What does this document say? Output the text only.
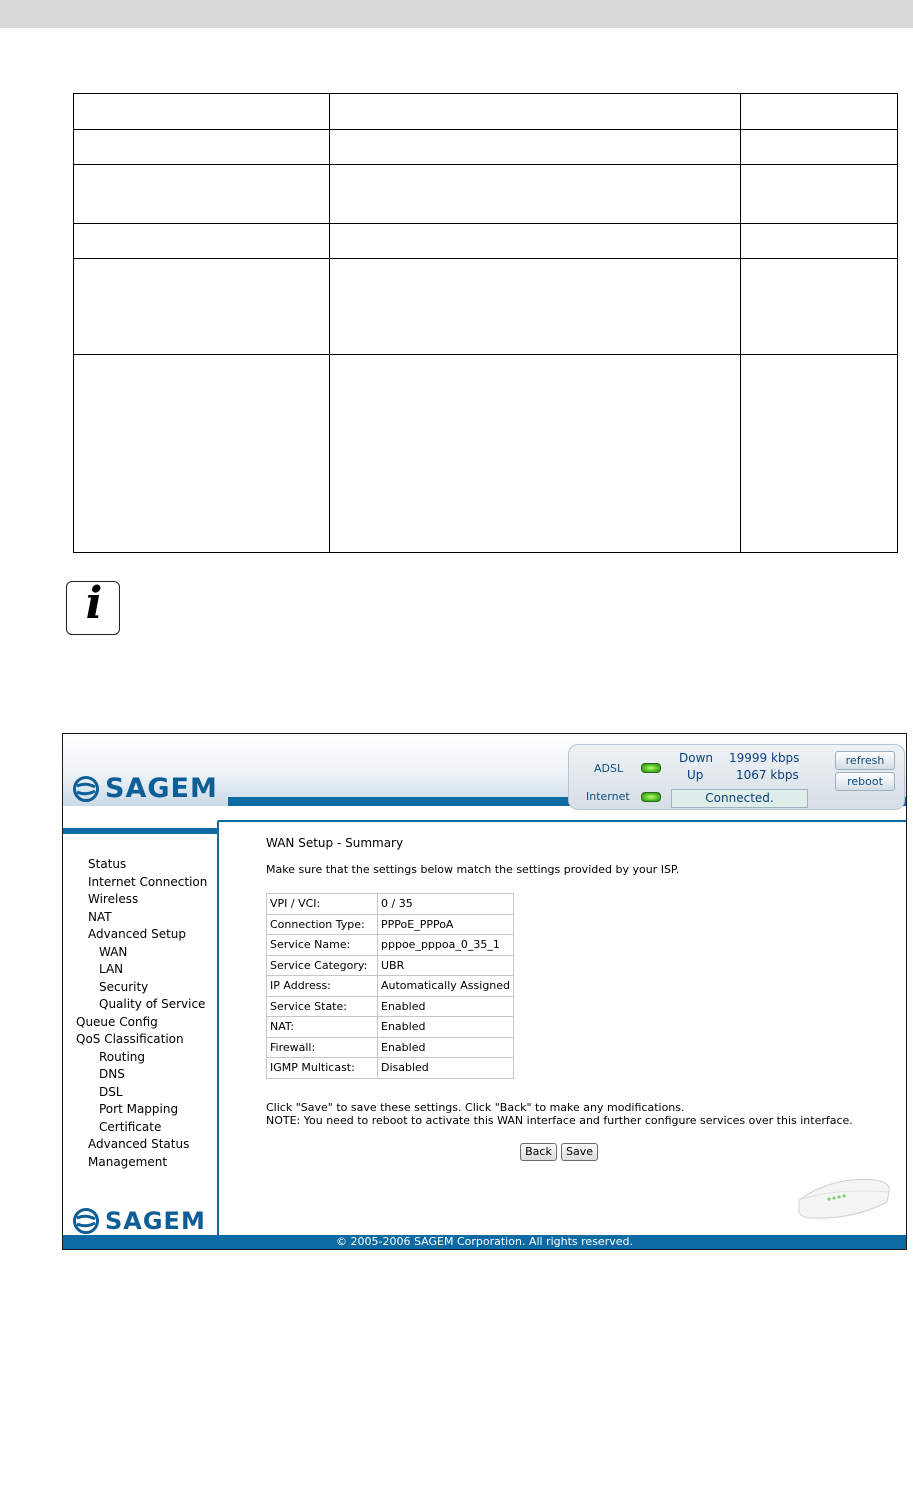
i
SAGEM
ADSL
Internet
Down 19999 kbps
Up	1067 kbps
Connected.
refresh
reboot
Status
Internet Connection
Wireless
NAT
Advanced Setup
WAN
LAN
Security
Quality of Service
Queue Config
QoS Classification
Routing
DNS
DSL
Port Mapping
Certificate
Advanced Status
Management
SAGEM
WAN Setup - Summary
Make sure that the settings below match the settings provided by your ISP.
VPI / VCI:	0 / 35
Connection Type:	PPPoE_PPPoA
Service Name:	pppoe_pppoa_0_35_1
Service Category:	UBR
IP Address:	Automatically Assigned
Service State:	Enabled
NAT:	Enabled
Firewall:	Enabled
IGMP Multicast:	Disabled
Click "Save" to save these settings. Click "Back" to make any modifications.
NOTE: You need to reboot to activate this WAN interface and further configure services over this interface.
Back	Save
© 2005-2006 SAGEM Corporation. All rights reserved.
